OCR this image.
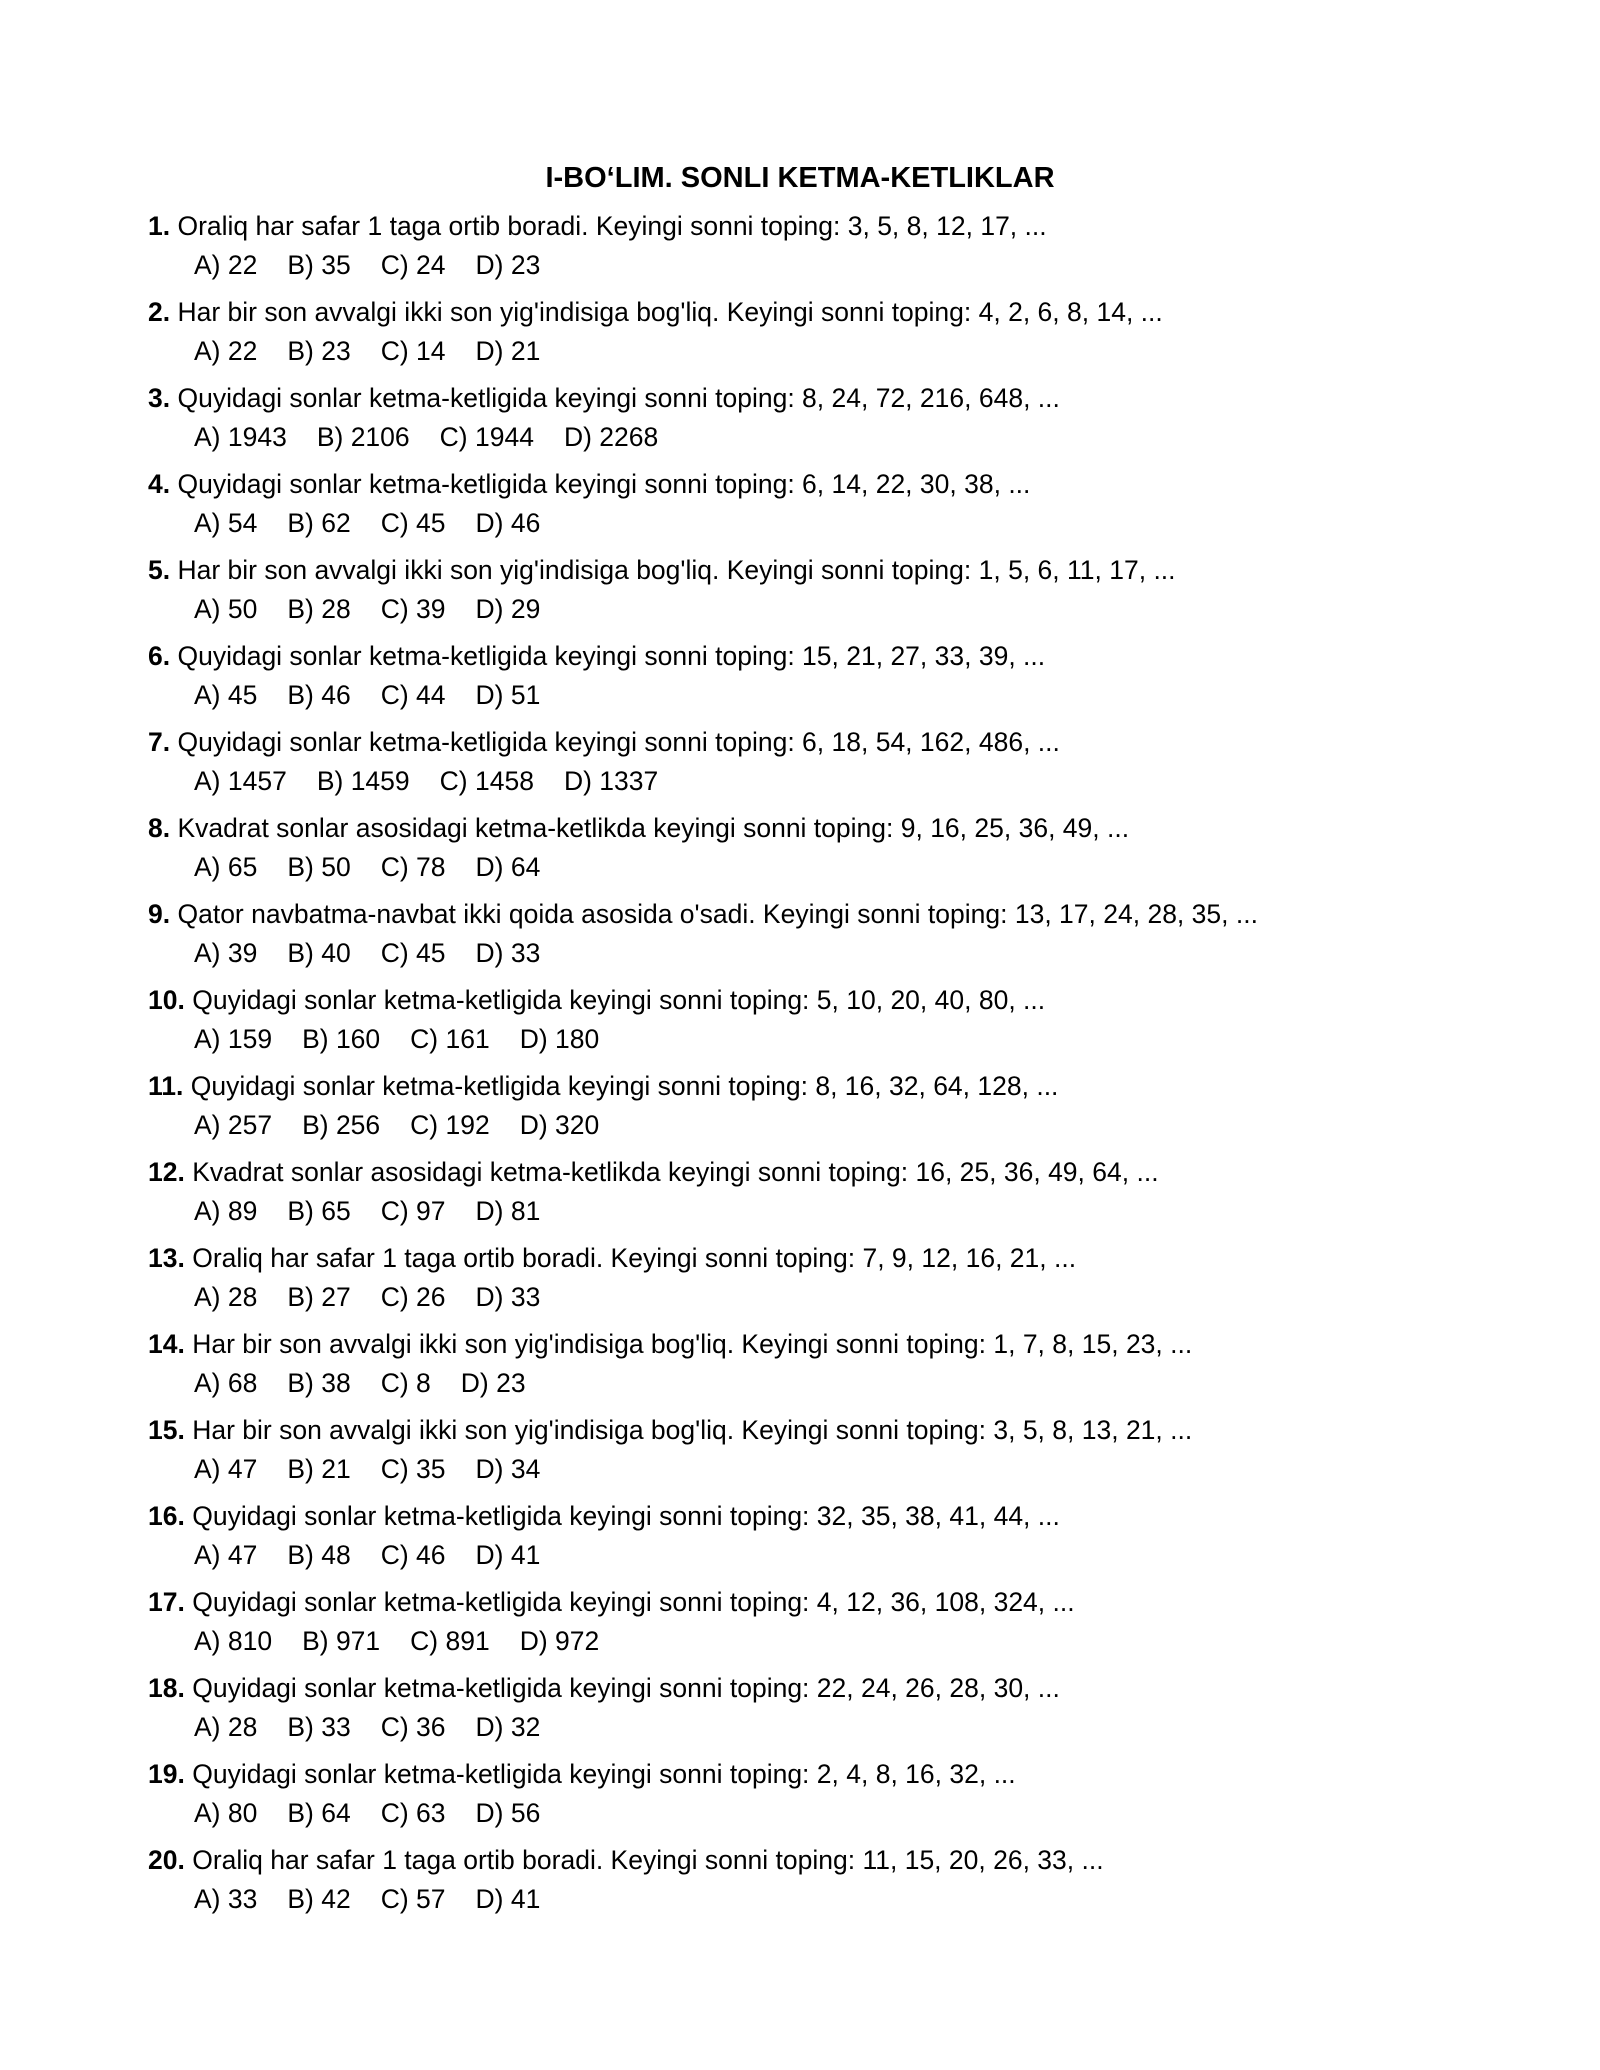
I-BO‘LIM. SONLI KETMA-KETLIKLAR
1. Oraliq har safar 1 taga ortib boradi. Keyingi sonni toping: 3, 5, 8, 12, 17, ...
A) 22 B) 35 C) 24 D) 23
2. Har bir son avvalgi ikki son yig'indisiga bog'liq. Keyingi sonni toping: 4, 2, 6, 8, 14, ...
A) 22 B) 23 C) 14 D) 21
3. Quyidagi sonlar ketma-ketligida keyingi sonni toping: 8, 24, 72, 216, 648, ...
A) 1943 B) 2106 C) 1944 D) 2268
4. Quyidagi sonlar ketma-ketligida keyingi sonni toping: 6, 14, 22, 30, 38, ...
A) 54 B) 62 C) 45 D) 46
5. Har bir son avvalgi ikki son yig'indisiga bog'liq. Keyingi sonni toping: 1, 5, 6, 11, 17, ...
A) 50 B) 28 C) 39 D) 29
6. Quyidagi sonlar ketma-ketligida keyingi sonni toping: 15, 21, 27, 33, 39, ...
A) 45 B) 46 C) 44 D) 51
7. Quyidagi sonlar ketma-ketligida keyingi sonni toping: 6, 18, 54, 162, 486, ...
A) 1457 B) 1459 C) 1458 D) 1337
8. Kvadrat sonlar asosidagi ketma-ketlikda keyingi sonni toping: 9, 16, 25, 36, 49, ...
A) 65 B) 50 C) 78 D) 64
9. Qator navbatma-navbat ikki qoida asosida o'sadi. Keyingi sonni toping: 13, 17, 24, 28, 35, ...
A) 39 B) 40 C) 45 D) 33
10. Quyidagi sonlar ketma-ketligida keyingi sonni toping: 5, 10, 20, 40, 80, ...
A) 159 B) 160 C) 161 D) 180
11. Quyidagi sonlar ketma-ketligida keyingi sonni toping: 8, 16, 32, 64, 128, ...
A) 257 B) 256 C) 192 D) 320
12. Kvadrat sonlar asosidagi ketma-ketlikda keyingi sonni toping: 16, 25, 36, 49, 64, ...
A) 89 B) 65 C) 97 D) 81
13. Oraliq har safar 1 taga ortib boradi. Keyingi sonni toping: 7, 9, 12, 16, 21, ...
A) 28 B) 27 C) 26 D) 33
14. Har bir son avvalgi ikki son yig'indisiga bog'liq. Keyingi sonni toping: 1, 7, 8, 15, 23, ...
A) 68 B) 38 C) 8 D) 23
15. Har bir son avvalgi ikki son yig'indisiga bog'liq. Keyingi sonni toping: 3, 5, 8, 13, 21, ...
A) 47 B) 21 C) 35 D) 34
16. Quyidagi sonlar ketma-ketligida keyingi sonni toping: 32, 35, 38, 41, 44, ...
A) 47 B) 48 C) 46 D) 41
17. Quyidagi sonlar ketma-ketligida keyingi sonni toping: 4, 12, 36, 108, 324, ...
A) 810 B) 971 C) 891 D) 972
18. Quyidagi sonlar ketma-ketligida keyingi sonni toping: 22, 24, 26, 28, 30, ...
A) 28 B) 33 C) 36 D) 32
19. Quyidagi sonlar ketma-ketligida keyingi sonni toping: 2, 4, 8, 16, 32, ...
A) 80 B) 64 C) 63 D) 56
20. Oraliq har safar 1 taga ortib boradi. Keyingi sonni toping: 11, 15, 20, 26, 33, ...
A) 33 B) 42 C) 57 D) 41
